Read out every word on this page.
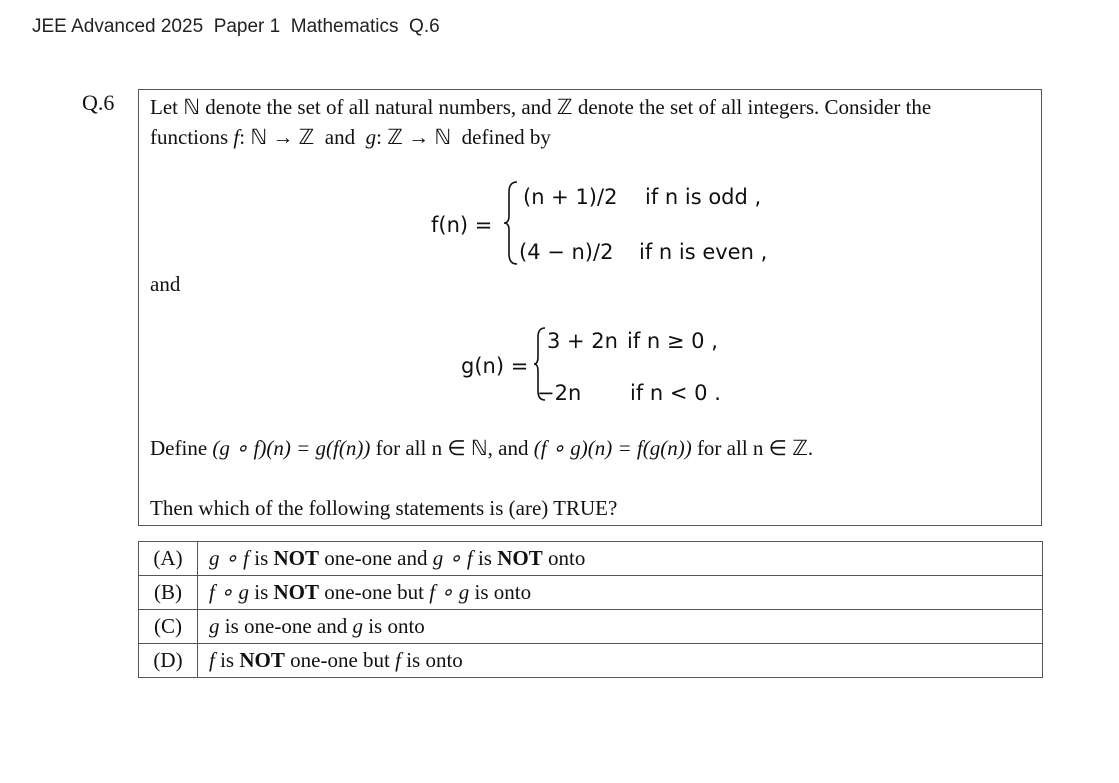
JEE Advanced 2025  Paper 1  Mathematics  Q.6
Q.6 Let ℕ denote the set of all natural numbers, and ℤ denote the set of all integers. Consider the
functions f: ℕ → ℤ and g: ℤ → ℕ defined by
f(n) =
(n + 1)/2 if n is odd ,
(4 − n)/2 if n is even ,
and
g(n) =
3 + 2n if n ≥ 0 ,
−2n if n < 0 .
Define (g ∘ f)(n) = g(f(n)) for all n ∈ ℕ, and (f ∘ g)(n) = f(g(n)) for all n ∈ ℤ.
Then which of the following statements is (are) TRUE?
(A)	g ∘ f is NOT one-one and g ∘ f is NOT onto
(B)	f ∘ g is NOT one-one but f ∘ g is onto
(C)	g is one-one and g is onto
(D)	f is NOT one-one but f is onto
